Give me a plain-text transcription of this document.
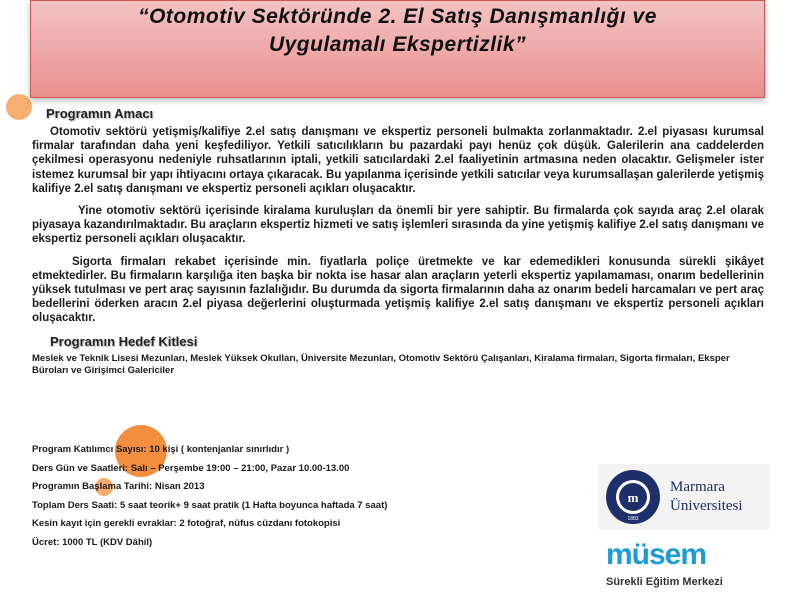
“Otomotiv Sektöründe 2. El Satış Danışmanlığı ve
Uygulamalı Ekspertizlik”
Programın Amacı

Otomotiv sektörü yetişmiş/kalifiye 2.el satış danışmanı ve ekspertiz personeli bulmakta zorlanmaktadır. 2.el piyasası kurumsal firmalar tarafından daha yeni keşfediliyor. Yetkili satıcılıkların bu pazardaki payı henüz çok düşük. Galerilerin ana caddelerden çekilmesi operasyonu nedeniyle ruhsatlarının iptali, yetkili satıcılardaki 2.el faaliyetinin artmasına neden olacaktır. Gelişmeler ister istemez kurumsal bir yapı ihtiyacını ortaya çıkaracak. Bu yapılanma içerisinde yetkili satıcılar veya kurumsallaşan galerilerde yetişmiş kalifiye 2.el satış danışmanı ve ekspertiz personeli açıkları oluşacaktır.

Yine otomotiv sektörü içerisinde kiralama kuruluşları da önemli bir yere sahiptir. Bu firmalarda çok sayıda araç 2.el olarak piyasaya kazandırılmaktadır. Bu araçların ekspertiz hizmeti ve satış işlemleri sırasında da yine yetişmiş kalifiye 2.el satış danışmanı ve ekspertiz personeli açıkları oluşacaktır.

Sigorta firmaları rekabet içerisinde min. fiyatlarla poliçe üretmekte ve kar edemedikleri konusunda sürekli şikâyet etmektedirler. Bu firmaların karşılığa iten başka bir nokta ise hasar alan araçların yeterli ekspertiz yapılamaması, onarım bedellerinin yüksek tutulması ve pert araç sayısının fazlalığıdır. Bu durumda da sigorta firmalarının daha az onarım bedeli harcamaları ve pert araç bedellerini öderken aracın 2.el piyasa değerlerini oluşturmada yetişmiş kalifiye 2.el satış danışmanı ve ekspertiz personeli açıkları oluşacaktır.

Programın Hedef Kitlesi
Meslek ve Teknik Lisesi Mezunları, Meslek Yüksek Okulları, Üniversite Mezunları, Otomotiv Sektörü Çalışanları, Kiralama firmaları, Sigorta firmaları, Eksper Büroları ve Girişimci Galericiler
Program Katılımcı Sayısı: 10 kişi ( kontenjanlar sınırlıdır )
Ders Gün ve Saatleri: Salı – Perşembe 19:00 – 21:00, Pazar 10.00-13.00
Programın Başlama Tarihi: Nisan 2013
Toplam Ders Saati: 5 saat teorik+ 9 saat pratik (1 Hafta boyunca haftada 7 saat)
Kesin kayıt için gerekli evraklar: 2 fotoğraf, nüfus cüzdanı fotokopisi
Ücret: 1000 TL (KDV Dâhil)
m
1883
Marmara
Üniversitesi
müsem
Sürekli Eğitim Merkezi
